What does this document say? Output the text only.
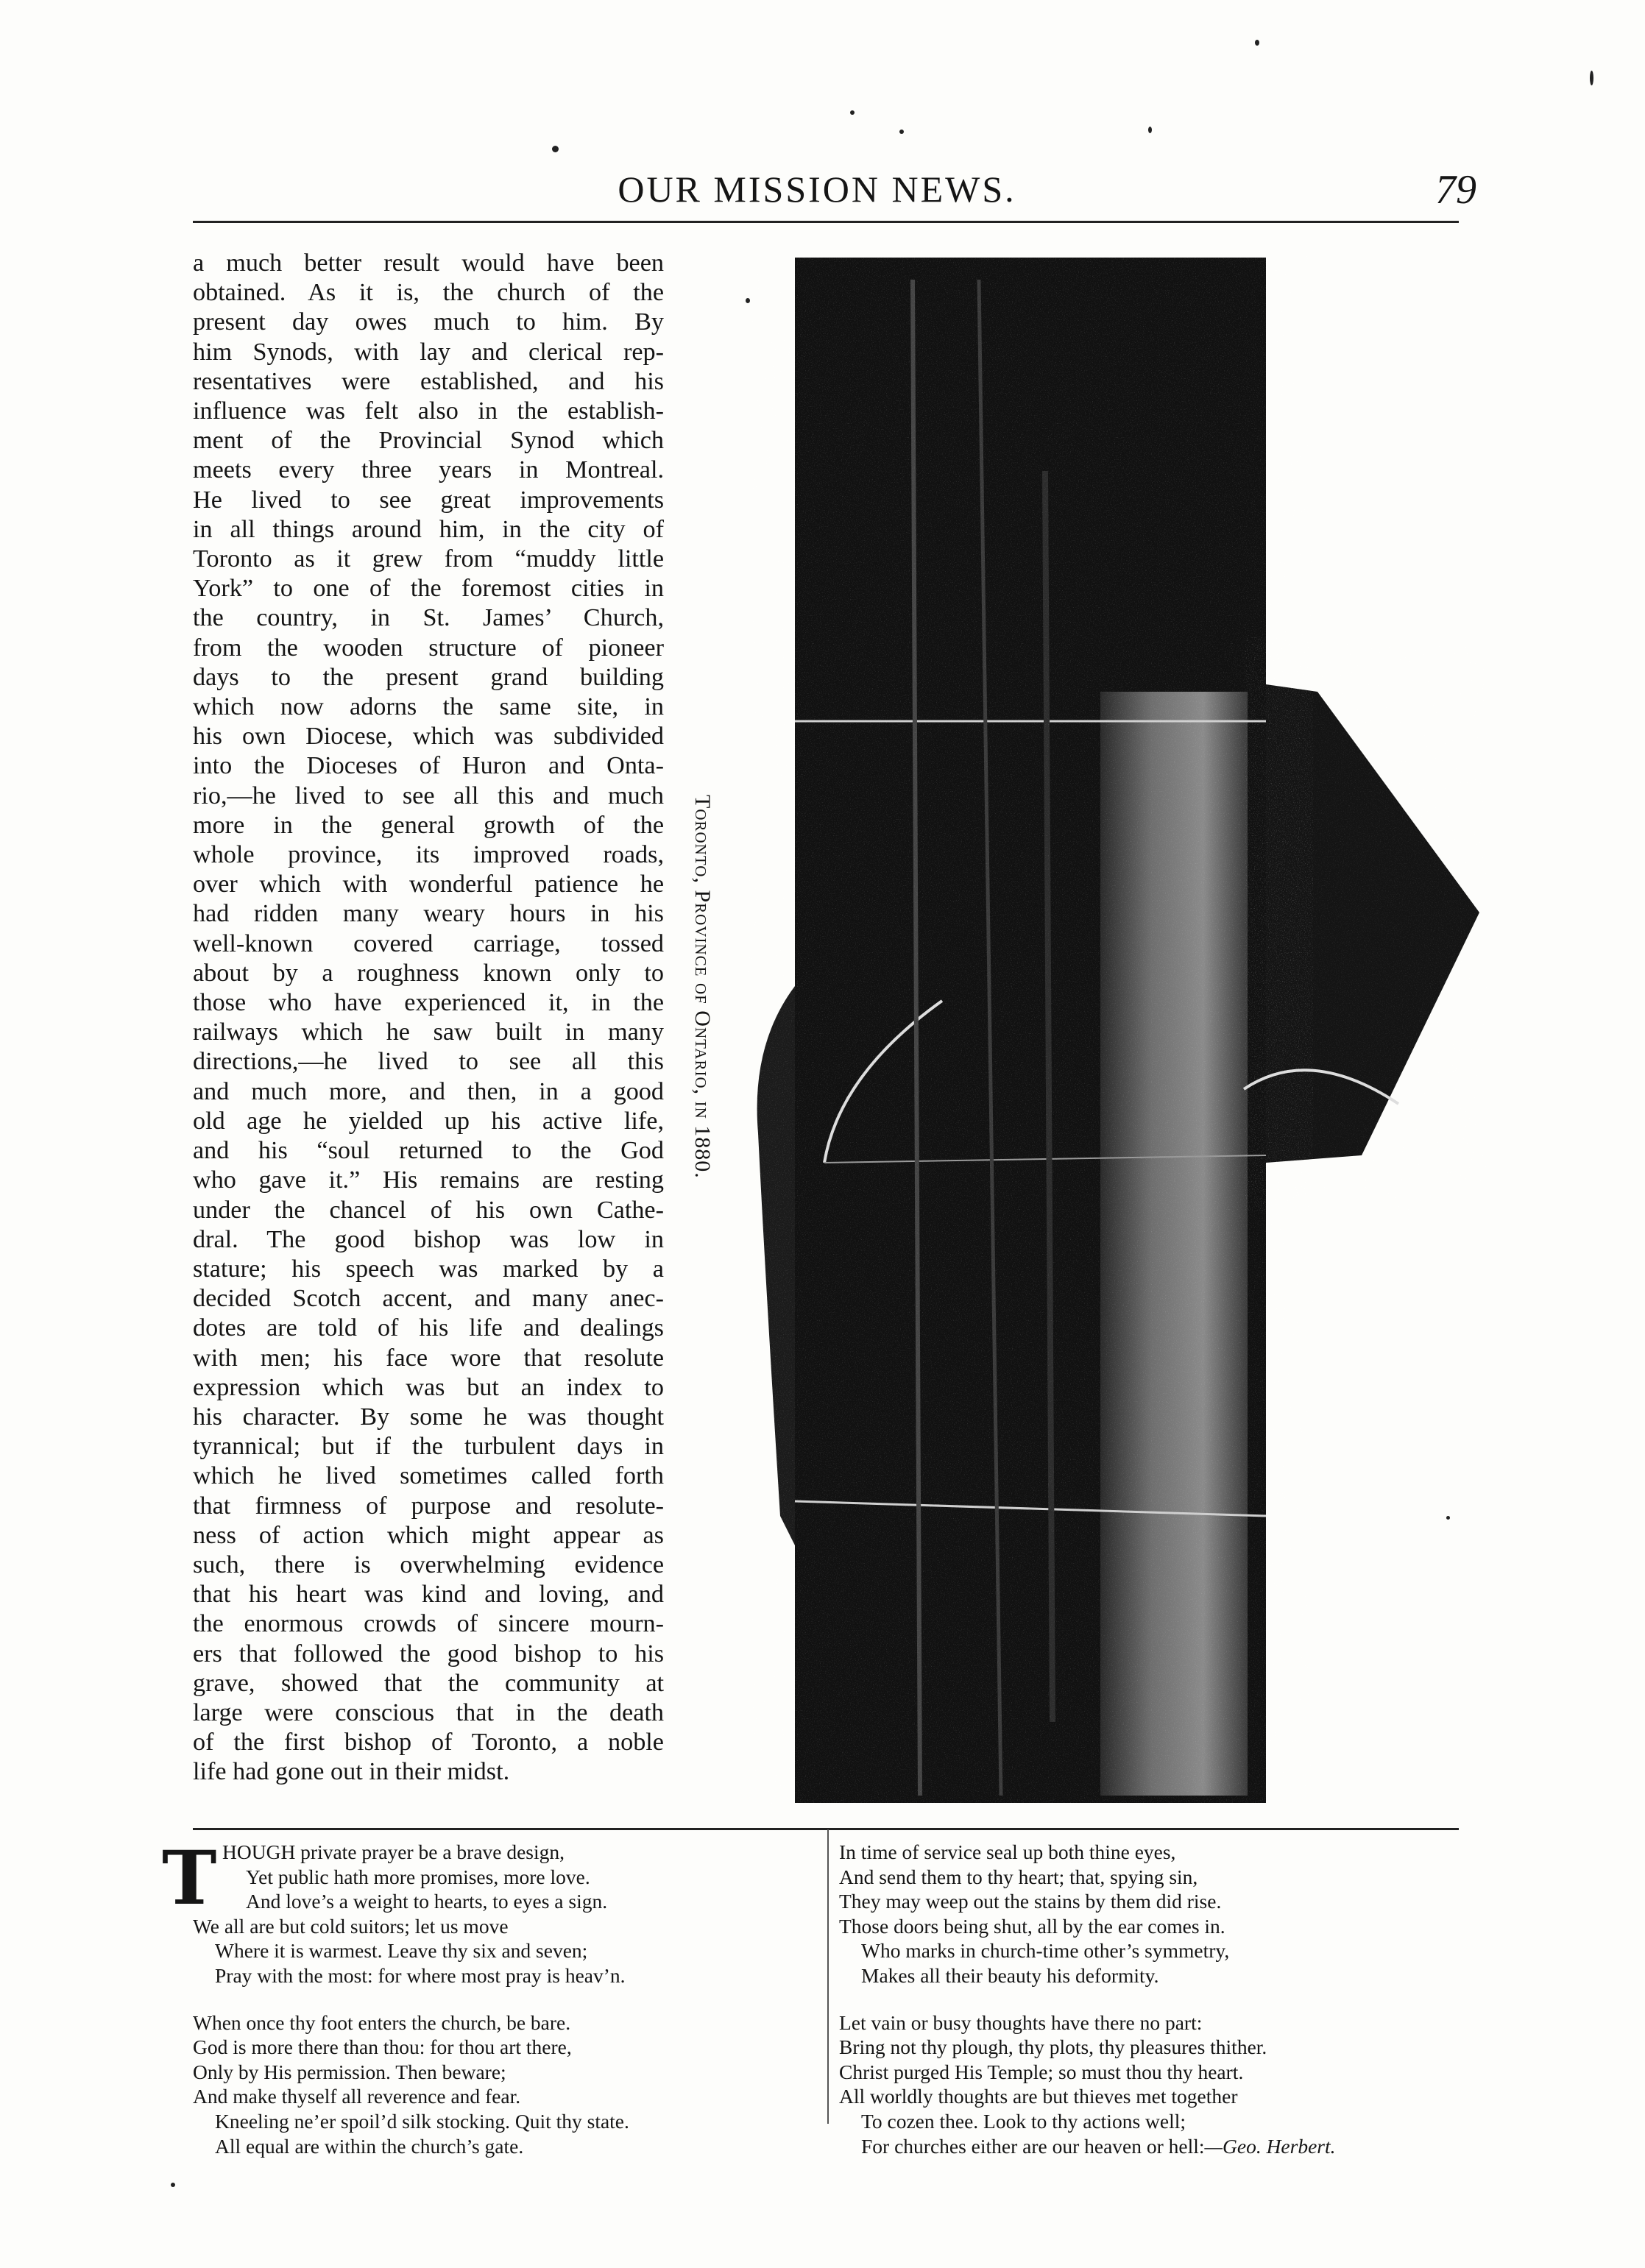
OUR MISSION NEWS.	79
a much better result would have been
obtained. As it is, the church of the
present day owes much to him. By
him Synods, with lay and clerical rep-
resentatives were established, and his
influence was felt also in the establish-
ment of the Provincial Synod which
meets every three years in Montreal.
He lived to see great improvements
in all things around him, in the city of
Toronto as it grew from “muddy little
York” to one of the foremost cities in
the country, in St. James’ Church,
from the wooden structure of pioneer
days to the present grand building
which now adorns the same site, in
his own Diocese, which was subdivided
into the Dioceses of Huron and Onta-
rio,—he lived to see all this and much
more in the general growth of the
whole province, its improved roads,
over which with wonderful patience he
had ridden many weary hours in his
well-known covered carriage, tossed
about by a roughness known only to
those who have experienced it, in the
railways which he saw built in many
directions,—he lived to see all this
and much more, and then, in a good
old age he yielded up his active life,
and his “soul returned to the God
who gave it.” His remains are resting
under the chancel of his own Cathe-
dral. The good bishop was low in
stature; his speech was marked by a
decided Scotch accent, and many anec-
dotes are told of his life and dealings
with men; his face wore that resolute
expression which was but an index to
his character. By some he was thought
tyrannical; but if the turbulent days in
which he lived sometimes called forth
that firmness of purpose and resolute-
ness of action which might appear as
such, there is overwhelming evidence
that his heart was kind and loving, and
the enormous crowds of sincere mourn-
ers that followed the good bishop to his
grave, showed that the community at
large were conscious that in the death
of the first bishop of Toronto, a noble
life had gone out in their midst.
Toronto, Province of Ontario, in 1880.
T HOUGH private prayer be a brave design,
Yet public hath more promises, more love.
And love’s a weight to hearts, to eyes a sign.
We all are but cold suitors; let us move
Where it is warmest. Leave thy six and seven;
Pray with the most: for where most pray is heav’n.
When once thy foot enters the church, be bare.
God is more there than thou: for thou art there,
Only by His permission. Then beware;
And make thyself all reverence and fear.
Kneeling ne’er spoil’d silk stocking. Quit thy state.
All equal are within the church’s gate.
In time of service seal up both thine eyes,
And send them to thy heart; that, spying sin,
They may weep out the stains by them did rise.
Those doors being shut, all by the ear comes in.
Who marks in church-time other’s symmetry,
Makes all their beauty his deformity.
Let vain or busy thoughts have there no part:
Bring not thy plough, thy plots, thy pleasures thither.
Christ purged His Temple; so must thou thy heart.
All worldly thoughts are but thieves met together
To cozen thee. Look to thy actions well;
For churches either are our heaven or hell:—Geo. Herbert.
